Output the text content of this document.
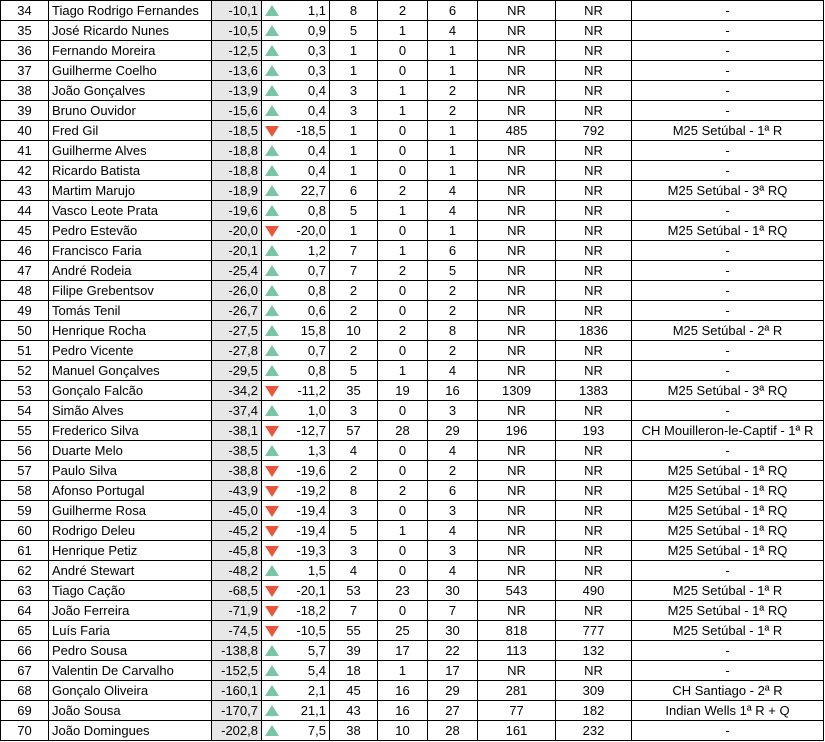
34	Tiago Rodrigo Fernandes	-10,1	1,1	8	2	6	NR	NR	-
35	José Ricardo Nunes	-10,5	0,9	5	1	4	NR	NR	-
36	Fernando Moreira	-12,5	0,3	1	0	1	NR	NR	-
37	Guilherme Coelho	-13,6	0,3	1	0	1	NR	NR	-
38	João Gonçalves	-13,9	0,4	3	1	2	NR	NR	-
39	Bruno Ouvidor	-15,6	0,4	3	1	2	NR	NR	-
40	Fred Gil	-18,5	-18,5	1	0	1	485	792	M25 Setúbal - 1ª R
41	Guilherme Alves	-18,8	0,4	1	0	1	NR	NR	-
42	Ricardo Batista	-18,8	0,4	1	0	1	NR	NR	-
43	Martim Marujo	-18,9	22,7	6	2	4	NR	NR	M25 Setúbal - 3ª RQ
44	Vasco Leote Prata	-19,6	0,8	5	1	4	NR	NR	-
45	Pedro Estevão	-20,0	-20,0	1	0	1	NR	NR	M25 Setúbal - 1ª RQ
46	Francisco Faria	-20,1	1,2	7	1	6	NR	NR	-
47	André Rodeia	-25,4	0,7	7	2	5	NR	NR	-
48	Filipe Grebentsov	-26,0	0,8	2	0	2	NR	NR	-
49	Tomás Tenil	-26,7	0,6	2	0	2	NR	NR	-
50	Henrique Rocha	-27,5	15,8	10	2	8	NR	1836	M25 Setúbal - 2ª R
51	Pedro Vicente	-27,8	0,7	2	0	2	NR	NR	-
52	Manuel Gonçalves	-29,5	0,8	5	1	4	NR	NR	-
53	Gonçalo Falcão	-34,2	-11,2	35	19	16	1309	1383	M25 Setúbal - 3ª RQ
54	Simão Alves	-37,4	1,0	3	0	3	NR	NR	-
55	Frederico Silva	-38,1	-12,7	57	28	29	196	193	CH Mouilleron-le-Captif - 1ª R
56	Duarte Melo	-38,5	1,3	4	0	4	NR	NR	-
57	Paulo Silva	-38,8	-19,6	2	0	2	NR	NR	M25 Setúbal - 1ª RQ
58	Afonso Portugal	-43,9	-19,2	8	2	6	NR	NR	M25 Setúbal - 1ª RQ
59	Guilherme Rosa	-45,0	-19,4	3	0	3	NR	NR	M25 Setúbal - 1ª RQ
60	Rodrigo Deleu	-45,2	-19,4	5	1	4	NR	NR	M25 Setúbal - 1ª RQ
61	Henrique Petiz	-45,8	-19,3	3	0	3	NR	NR	M25 Setúbal - 1ª RQ
62	André Stewart	-48,2	1,5	4	0	4	NR	NR	-
63	Tiago Cação	-68,5	-20,1	53	23	30	543	490	M25 Setúbal - 1ª R
64	João Ferreira	-71,9	-18,2	7	0	7	NR	NR	M25 Setúbal - 1ª RQ
65	Luís Faria	-74,5	-10,5	55	25	30	818	777	M25 Setúbal - 1ª R
66	Pedro Sousa	-138,8	5,7	39	17	22	113	132	-
67	Valentin De Carvalho	-152,5	5,4	18	1	17	NR	NR	-
68	Gonçalo Oliveira	-160,1	2,1	45	16	29	281	309	CH Santiago - 2ª R
69	João Sousa	-170,7	21,1	43	16	27	77	182	Indian Wells 1ª R + Q
70	João Domingues	-202,8	7,5	38	10	28	161	232	-
